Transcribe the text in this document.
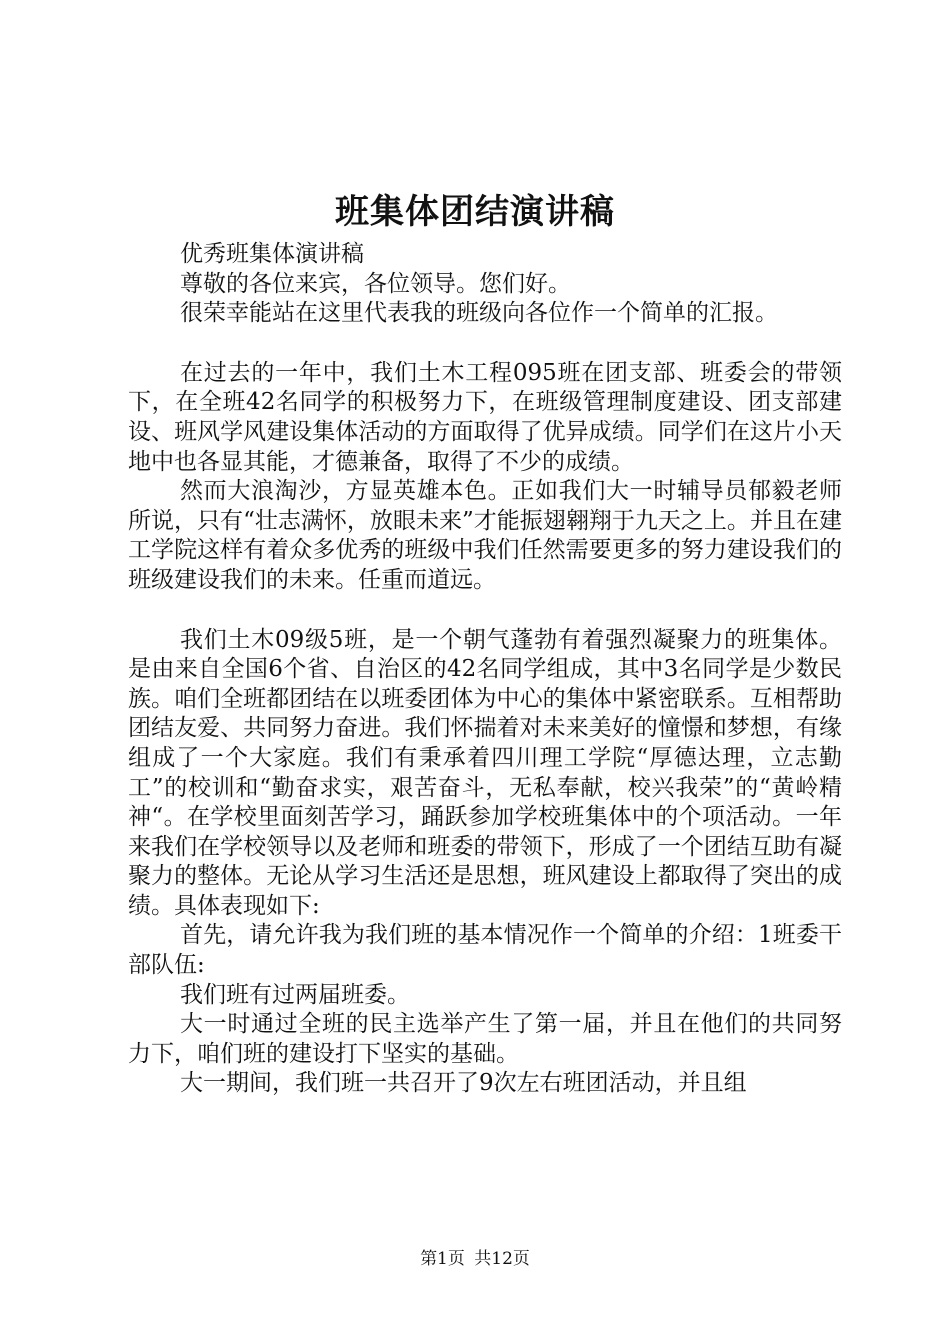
班集体团结演讲稿

优秀班集体演讲稿

尊敬的各位来宾，各位领导。您们好。

很荣幸能站在这里代表我的班级向各位作一个简单的汇报。

在过去的一年中，我们土木工程095班在团支部、班委会的带领下，在全班42名同学的积极努力下，在班级管理制度建设、团支部建设、班风学风建设集体活动的方面取得了优异成绩。同学们在这片小天地中也各显其能，才德兼备，取得了不少的成绩。

然而大浪淘沙，方显英雄本色。正如我们大一时辅导员郁毅老师所说，只有“壮志满怀，放眼未来”才能振翅翱翔于九天之上。并且在建工学院这样有着众多优秀的班级中我们任然需要更多的努力建设我们的班级建设我们的未来。任重而道远。

我们土木09级5班，是一个朝气蓬勃有着强烈凝聚力的班集体。是由来自全国6个省、自治区的42名同学组成，其中3名同学是少数民族。咱们全班都团结在以班委团体为中心的集体中紧密联系。互相帮助团结友爱、共同努力奋进。我们怀揣着对未来美好的憧憬和梦想，有缘组成了一个大家庭。我们有秉承着四川理工学院“厚德达理，立志勤工”的校训和“勤奋求实，艰苦奋斗，无私奉献，校兴我荣”的“黄岭精神“。在学校里面刻苦学习，踊跃参加学校班集体中的个项活动。一年来我们在学校领导以及老师和班委的带领下，形成了一个团结互助有凝聚力的整体。无论从学习生活还是思想，班风建设上都取得了突出的成绩。具体表现如下:

首先，请允许我为我们班的基本情况作一个简单的介绍：1班委干部队伍:

我们班有过两届班委。

大一时通过全班的民主选举产生了第一届，并且在他们的共同努力下，咱们班的建设打下坚实的基础。

大一期间，我们班一共召开了9次左右班团活动，并且组

第1页 共12页
